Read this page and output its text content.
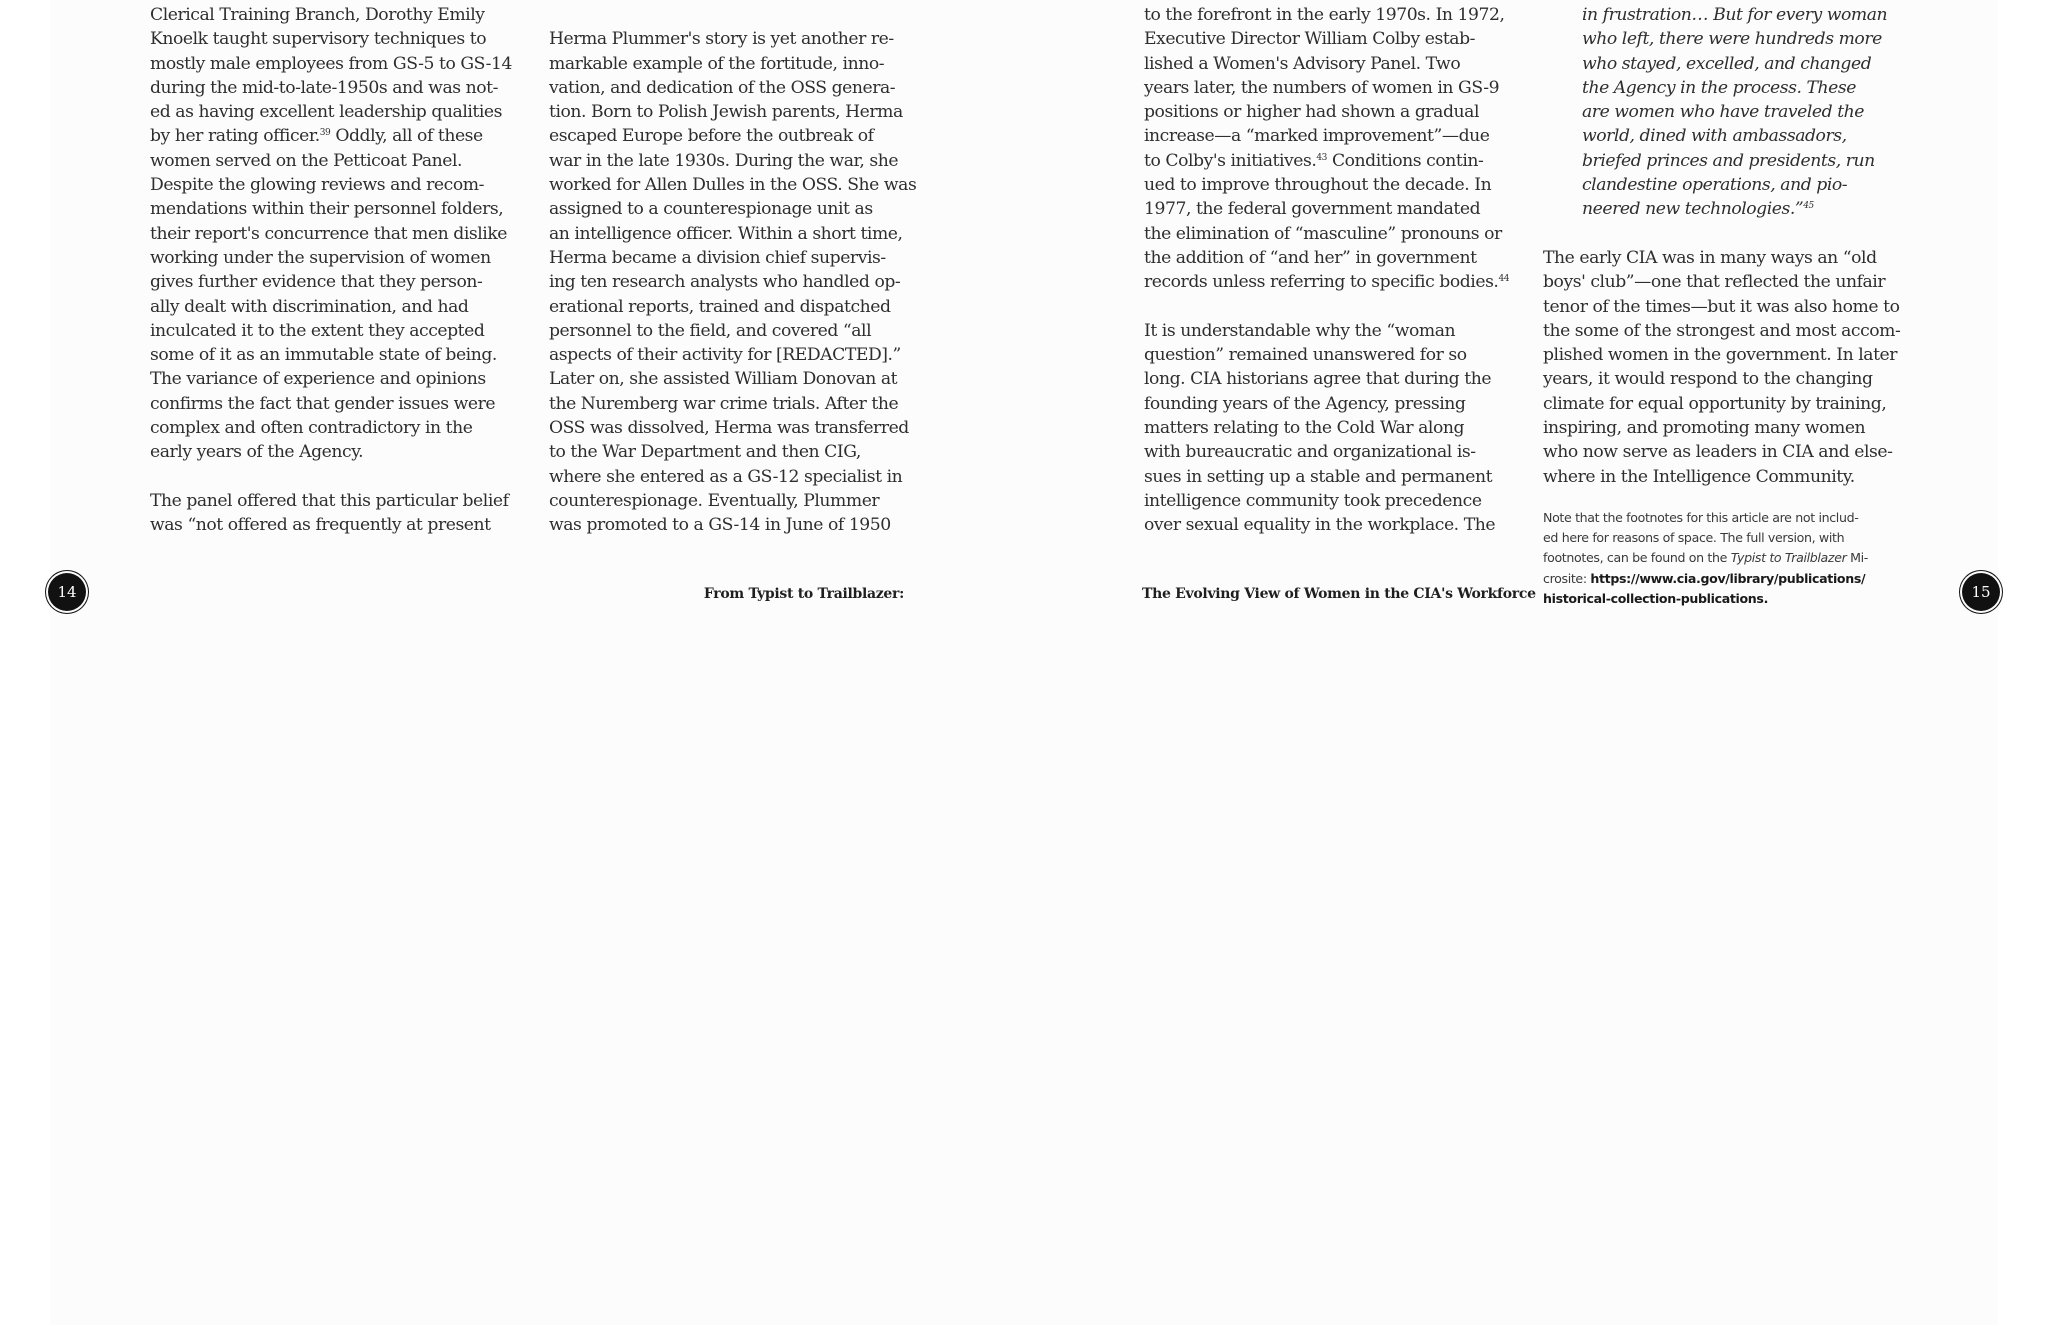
Clerical Training Branch, Dorothy Emily
Knoelk taught supervisory techniques to
mostly male employees from GS-5 to GS-14
during the mid-to-late-1950s and was not-
ed as having excellent leadership qualities
by her rating officer.$^{39}$ Oddly, all of these
women served on the Petticoat Panel.
Despite the glowing reviews and recom-
mendations within their personnel folders,
their report's concurrence that men dislike
working under the supervision of women
gives further evidence that they person-
ally dealt with discrimination, and had
inculcated it to the extent they accepted
some of it as an immutable state of being.
The variance of experience and opinions
confirms the fact that gender issues were
complex and often contradictory in the
early years of the Agency.
The panel offered that this particular belief
was “not offered as frequently at present
Herma Plummer's story is yet another re-
markable example of the fortitude, inno-
vation, and dedication of the OSS genera-
tion. Born to Polish Jewish parents, Herma
escaped Europe before the outbreak of
war in the late 1930s. During the war, she
worked for Allen Dulles in the OSS. She was
assigned to a counterespionage unit as
an intelligence officer. Within a short time,
Herma became a division chief supervis-
ing ten research analysts who handled op-
erational reports, trained and dispatched
personnel to the field, and covered “all
aspects of their activity for [REDACTED].”
Later on, she assisted William Donovan at
the Nuremberg war crime trials. After the
OSS was dissolved, Herma was transferred
to the War Department and then CIG,
where she entered as a GS-12 specialist in
counterespionage. Eventually, Plummer
was promoted to a GS-14 in June of 1950
to the forefront in the early 1970s. In 1972,
Executive Director William Colby estab-
lished a Women's Advisory Panel. Two
years later, the numbers of women in GS-9
positions or higher had shown a gradual
increase—a “marked improvement”—due
to Colby's initiatives.$^{43}$ Conditions contin-
ued to improve throughout the decade. In
1977, the federal government mandated
the elimination of “masculine” pronouns or
the addition of “and her” in government
records unless referring to specific bodies.$^{44}$
It is understandable why the “woman
question” remained unanswered for so
long. CIA historians agree that during the
founding years of the Agency, pressing
matters relating to the Cold War along
with bureaucratic and organizational is-
sues in setting up a stable and permanent
intelligence community took precedence
over sexual equality in the workplace. The
in frustration… But for every woman
who left, there were hundreds more
who stayed, excelled, and changed
the Agency in the process. These
are women who have traveled the
world, dined with ambassadors,
briefed princes and presidents, run
clandestine operations, and pio-
neered new technologies.”$^{45}$
The early CIA was in many ways an “old
boys' club”—one that reflected the unfair
tenor of the times—but it was also home to
the some of the strongest and most accom-
plished women in the government. In later
years, it would respond to the changing
climate for equal opportunity by training,
inspiring, and promoting many women
who now serve as leaders in CIA and else-
where in the Intelligence Community.
Note that the footnotes for this article are not includ-
ed here for reasons of space. The full version, with
footnotes, can be found on the Typist to Trailblazer Mi-
crosite: https://www.cia.gov/library/publications/
historical-collection-publications.
14	15
From Typist to Trailblazer:	The Evolving View of Women in the CIA's Workforce
